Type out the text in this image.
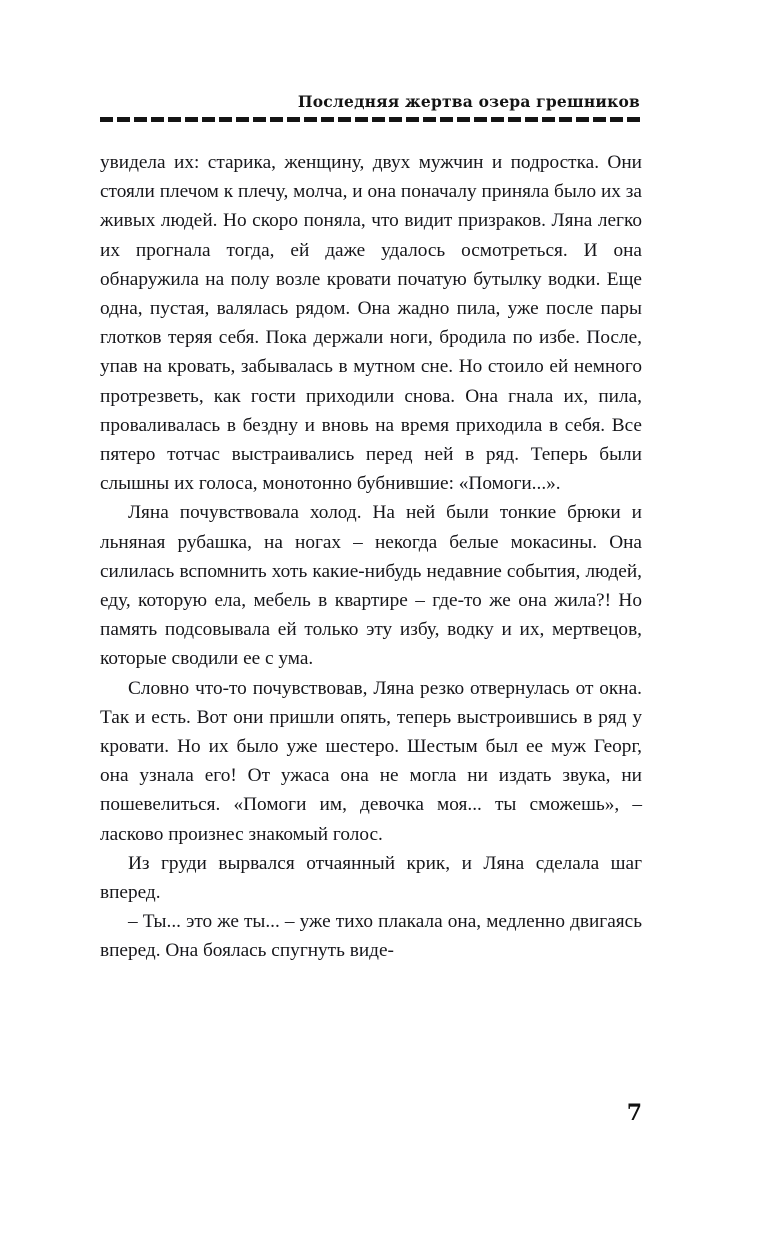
Последняя жертва озера грешников

увиделa их: старика, женщину, двух мужчин и подростка. Они стояли плечом к плечу, молча, и она поначалу приняла было их за живых людей. Но скоро поняла, что видит призраков. Ляна легко их прогнала тогда, ей даже удалось осмотреться. И она обнаружила на полу возле кровати початую бутылку водки. Еще одна, пустая, валялась рядом. Она жадно пила, уже после пары глотков теряя себя. Пока держали ноги, бродила по избе. После, упав на кровать, забывалась в мутном сне. Но стоило ей немного протрезветь, как гости приходили снова. Она гнала их, пила, проваливалась в бездну и вновь на время приходила в себя. Все пятеро тотчас выстраивались перед ней в ряд. Теперь были слышны их голоса, монотонно бубнившие: «Помоги...».

Ляна почувствовала холод. На ней были тонкие брюки и льняная рубашка, на ногах – некогда белые мокасины. Она силилась вспомнить хоть какие-нибудь недавние события, людей, еду, которую ела, мебель в квартире – где-то же она жила?! Но память подсовывала ей только эту избу, водку и их, мертвецов, которые сводили ее с ума.

Словно что-то почувствовав, Ляна резко отвернулась от окна. Так и есть. Вот они пришли опять, теперь выстроившись в ряд у кровати. Но их было уже шестеро. Шестым был ее муж Георг, она узнала его! От ужаса она не могла ни издать звука, ни пошевелиться. «Помоги им, девочка моя... ты сможешь», – ласково произнес знакомый голос.

Из груди вырвался отчаянный крик, и Ляна сделала шаг вперед.

– Ты... это же ты... – уже тихо плакала она, медленно двигаясь вперед. Она боялась спугнуть виде-

7
